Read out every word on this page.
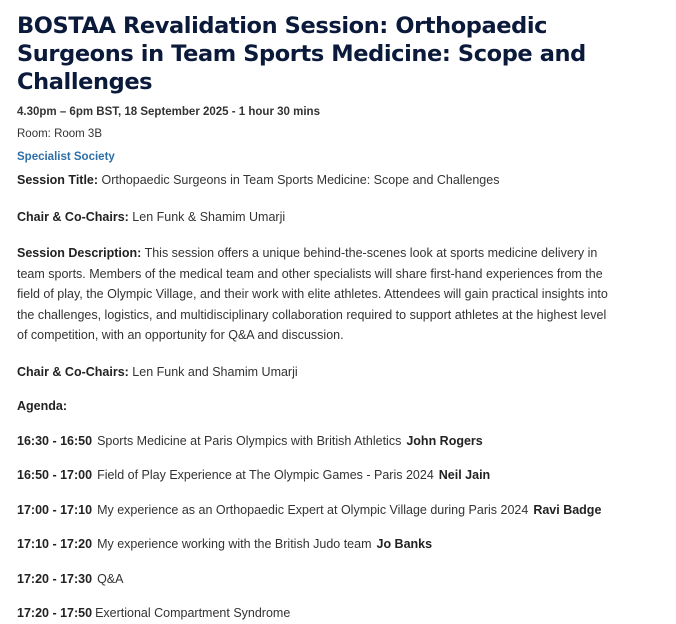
BOSTAA Revalidation Session: Orthopaedic Surgeons in Team Sports Medicine: Scope and Challenges

4.30pm – 6pm BST, 18 September 2025 - 1 hour 30 mins

Room: Room 3B

Specialist Society

Session Title: Orthopaedic Surgeons in Team Sports Medicine: Scope and Challenges

Chair & Co-Chairs: Len Funk & Shamim Umarji

Session Description: This session offers a unique behind-the-scenes look at sports medicine delivery in team sports. Members of the medical team and other specialists will share first-hand experiences from the field of play, the Olympic Village, and their work with elite athletes. Attendees will gain practical insights into the challenges, logistics, and multidisciplinary collaboration required to support athletes at the highest level of competition, with an opportunity for Q&A and discussion.

Chair & Co-Chairs: Len Funk and Shamim Umarji

Agenda:

16:30 - 16:50 Sports Medicine at Paris Olympics with British Athletics John Rogers

16:50 - 17:00 Field of Play Experience at The Olympic Games - Paris 2024 Neil Jain

17:00 - 17:10 My experience as an Orthopaedic Expert at Olympic Village during Paris 2024 Ravi Badge

17:10 - 17:20 My experience working with the British Judo team Jo Banks

17:20 - 17:30 Q&A

17:20 - 17:50 Exertional Compartment Syndrome
